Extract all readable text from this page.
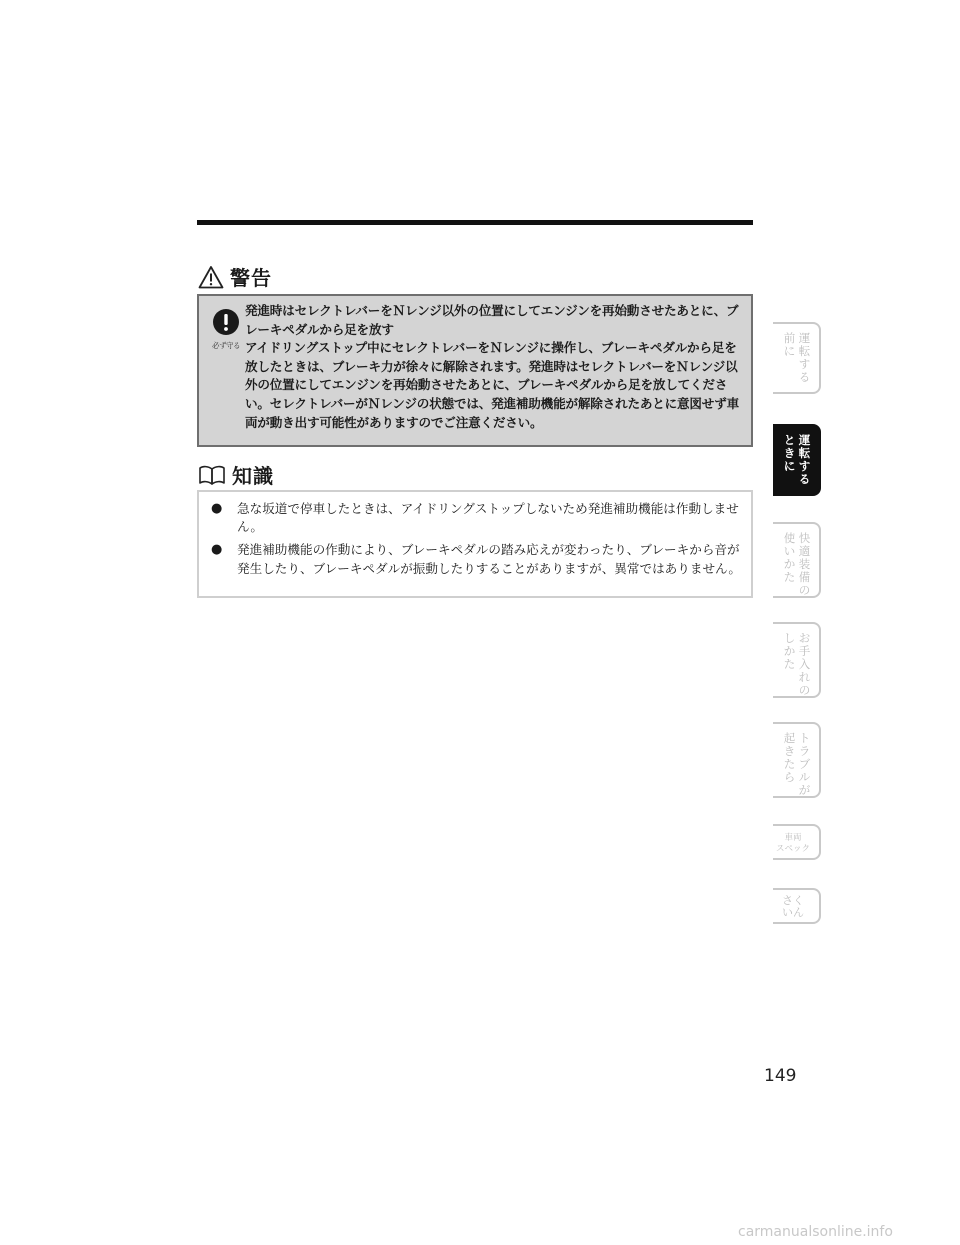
警告
必ず守る

発進時はセレクトレバーをＮレンジ以外の位置にしてエンジンを再始動させたあとに、ブレーキペダルから足を放す

アイドリングストップ中にセレクトレバーをＮレンジに操作し、ブレーキペダルから足を放したときは、ブレーキ力が徐々に解除されます。発進時はセレクトレバーをＮレンジ以外の位置にしてエンジンを再始動させたあとに、ブレーキペダルから足を放してください。セレクトレバーがＮレンジの状態では、発進補助機能が解除されたあとに意図せず車両が動き出す可能性がありますのでご注意ください。

知識
●	急な坂道で停車したときは、アイドリングストップしないため発進補助機能は作動しません。
●	発進補助機能の作動により、ブレーキペダルの踏み応えが変わったり、ブレーキから音が発生したり、ブレーキペダルが振動したりすることがありますが、異常ではありません。
運転する
前に
運転する
ときに
快適装備の
使いかた
お手入れの
しかた
トラブルが
起きたら
車両
スペック
さく
いん
149
carmanualsonline.info
